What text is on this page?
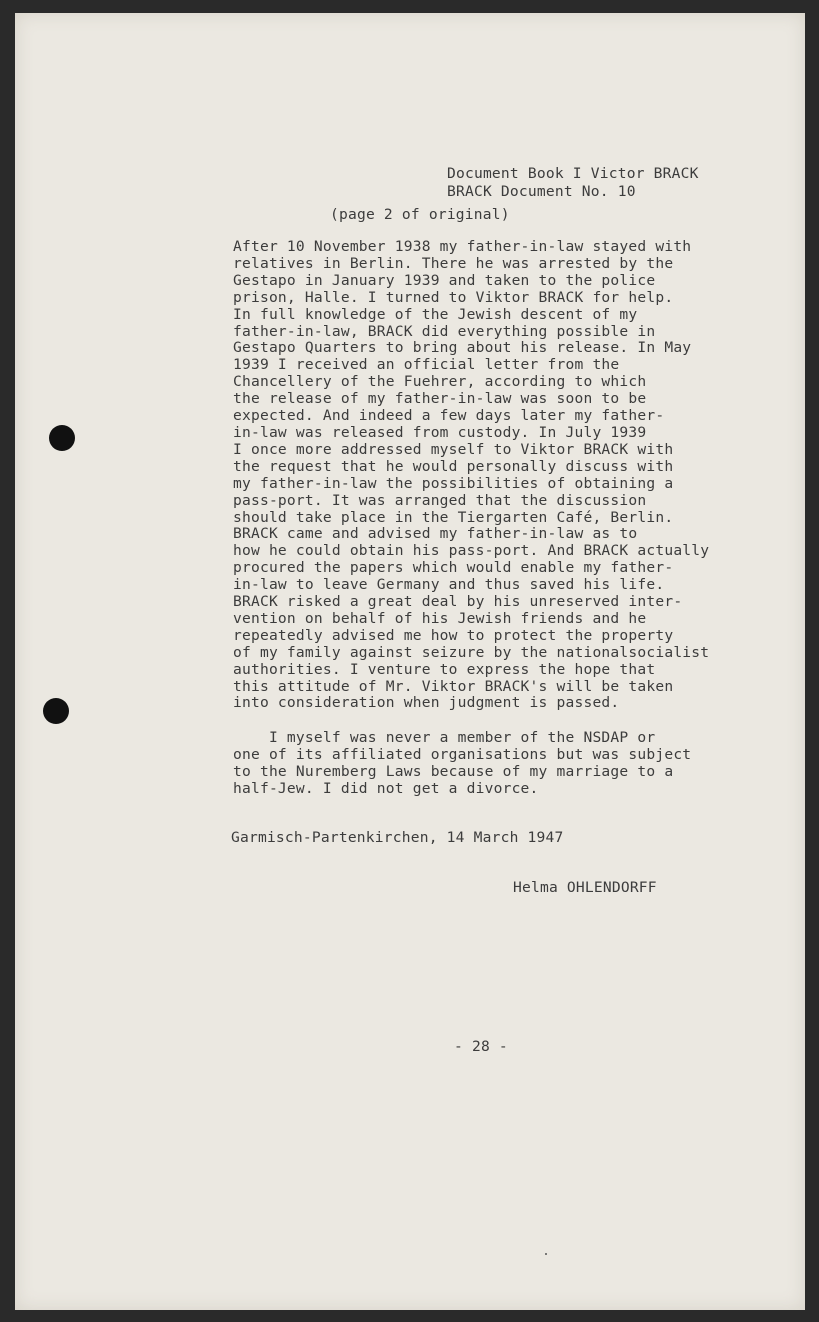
Document Book I Victor BRACK
BRACK Document No. 10
(page 2 of original)
After 10 November 1938 my father-in-law stayed with
relatives in Berlin. There he was arrested by the
Gestapo in January 1939 and taken to the police
prison, Halle. I turned to Viktor BRACK for help.
In full knowledge of the Jewish descent of my
father-in-law, BRACK did everything possible in
Gestapo Quarters to bring about his release. In May
1939 I received an official letter from the
Chancellery of the Fuehrer, according to which
the release of my father-in-law was soon to be
expected. And indeed a few days later my father-
in-law was released from custody. In July 1939
I once more addressed myself to Viktor BRACK with
the request that he would personally discuss with
my father-in-law the possibilities of obtaining a
pass-port. It was arranged that the discussion
should take place in the Tiergarten Café, Berlin.
BRACK came and advised my father-in-law as to
how he could obtain his pass-port. And BRACK actually
procured the papers which would enable my father-
in-law to leave Germany and thus saved his life.
BRACK risked a great deal by his unreserved inter-
vention on behalf of his Jewish friends and he
repeatedly advised me how to protect the property
of my family against seizure by the nationalsocialist
authorities. I venture to express the hope that
this attitude of Mr. Viktor BRACK's will be taken
into consideration when judgment is passed.
I myself was never a member of the NSDAP or
one of its affiliated organisations but was subject
to the Nuremberg Laws because of my marriage to a
half-Jew. I did not get a divorce.
Garmisch-Partenkirchen, 14 March 1947
Helma OHLENDORFF
- 28 -
